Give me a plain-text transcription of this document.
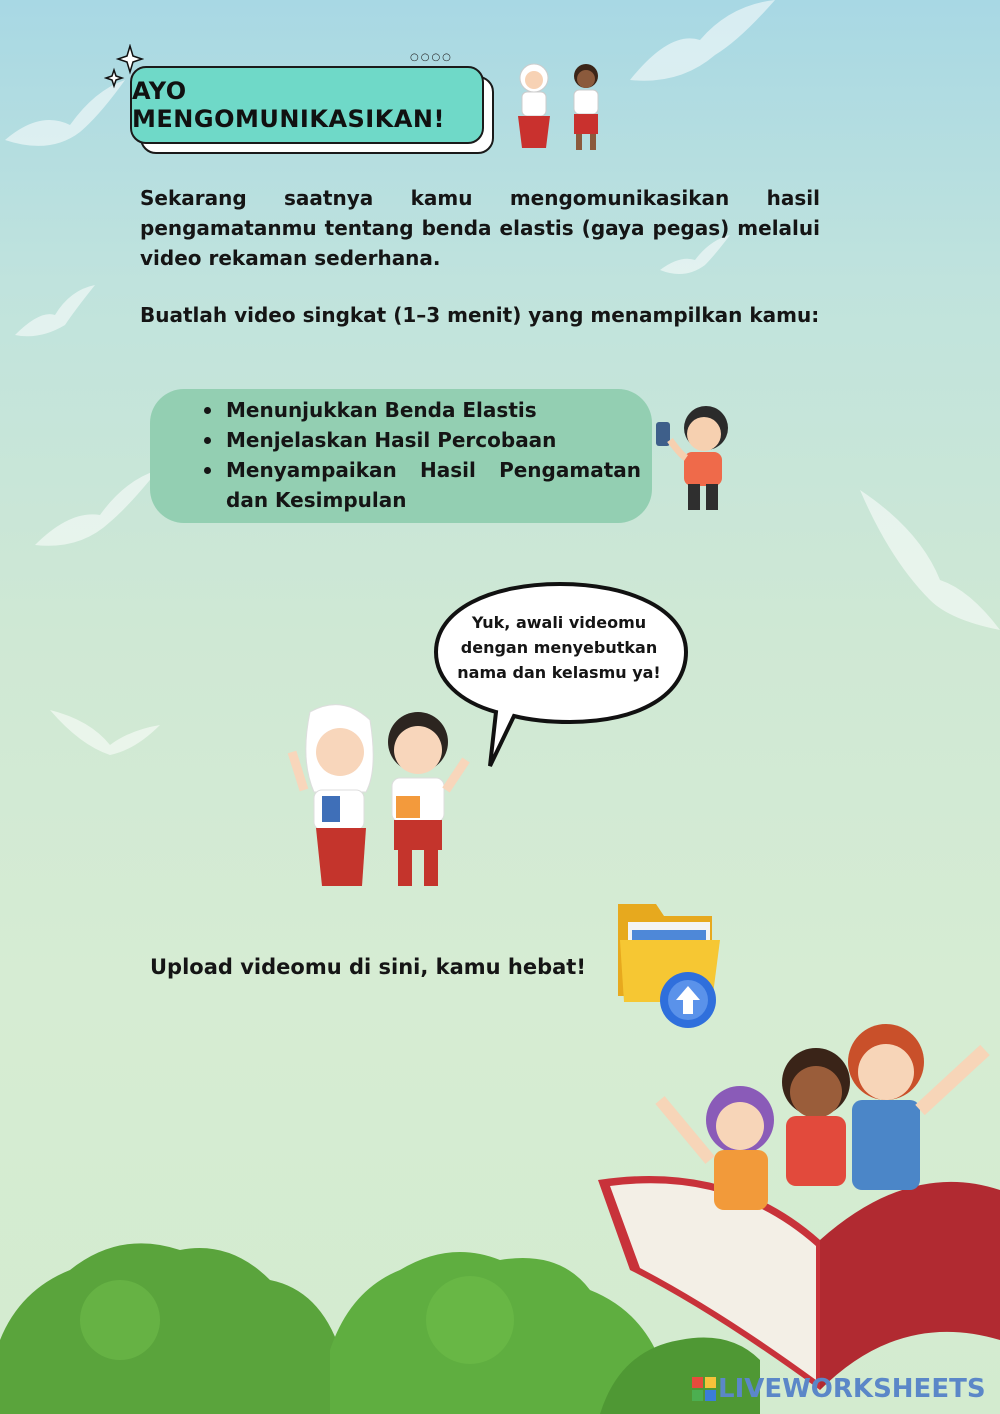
○○○○
AYO MENGOMUNIKASIKAN!

Sekarang saatnya kamu mengomunikasikan hasil pengamatanmu tentang benda elastis (gaya pegas) melalui video rekaman sederhana.

Buatlah video singkat (1–3 menit) yang menampilkan kamu:

Menunjukkan Benda Elastis
Menjelaskan Hasil Percobaan
Menyampaikan Hasil Pengamatan dan Kesimpulan

Yuk, awali videomu dengan menyebutkan nama dan kelasmu ya!

Upload videomu di sini, kamu hebat!

LIVEWORKSHEETS
